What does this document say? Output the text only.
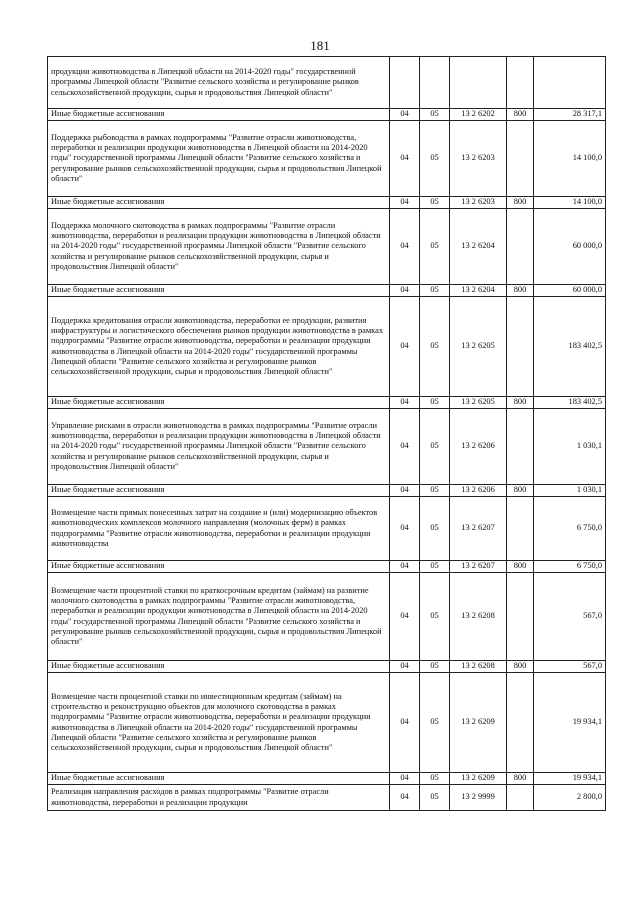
181
продукции животноводства в Липецкой области на 2014-2020 годы" государственной программы Липецкой области "Развитие сельского хозяйства и регулирование рынков сельскохозяйственной продукции, сырья и продовольствия Липецкой области"					
Иные бюджетные ассигнования	04	05	13 2 6202	800	28 317,1
Поддержка рыбоводства в рамках подпрограммы "Развитие отрасли животноводства, переработки и реализации продукции животноводства в Липецкой области на 2014-2020 годы" государственной программы Липецкой области "Развитие сельского хозяйства и регулирование рынков сельскохозяйственной продукции, сырья и продовольствия Липецкой области"	04	05	13 2 6203		14 100,0
Иные бюджетные ассигнования	04	05	13 2 6203	800	14 100,0
Поддержка молочного скотоводства в рамках подпрограммы "Развитие отрасли животноводства, переработки и реализации продукции животноводства в Липецкой области на 2014-2020 годы" государственной программы Липецкой области "Развитие сельского хозяйства и регулирование рынков сельскохозяйственной продукции, сырья и продовольствия Липецкой области"	04	05	13 2 6204		60 000,0
Иные бюджетные ассигнования	04	05	13 2 6204	800	60 000,0
Поддержка кредитования отрасли животноводства, переработки ее продукции, развития инфраструктуры и логистического обеспечения рынков продукции животноводства в рамках подпрограммы "Развитие отрасли животноводства, переработки и реализации продукции животноводства в Липецкой области на 2014-2020 годы" государственной программы Липецкой области "Развитие сельского хозяйства и регулирование рынков сельскохозяйственной продукции, сырья и продовольствия Липецкой области"	04	05	13 2 6205		183 402,5
Иные бюджетные ассигнования	04	05	13 2 6205	800	183 402,5
Управление рисками в отрасли животноводства в рамках подпрограммы "Развитие отрасли животноводства, переработки и реализации продукции животноводства в Липецкой области на 2014-2020 годы" государственной программы Липецкой области "Развитие сельского хозяйства и регулирование рынков сельскохозяйственной продукции, сырья и продовольствия Липецкой области"	04	05	13 2 6206		1 030,1
Иные бюджетные ассигнования	04	05	13 2 6206	800	1 030,1
Возмещение части прямых понесенных затрат на создание и (или) модернизацию объектов животноводческих комплексов молочного направления (молочных ферм) в рамках подпрограммы "Развитие отрасли животноводства, переработки и реализации продукции животноводства	04	05	13 2 6207		6 750,0
Иные бюджетные ассигнования	04	05	13 2 6207	800	6 750,0
Возмещение части процентной ставки по краткосрочным кредитам (займам) на развитие молочного скотоводства в рамках подпрограммы "Развитие отрасли животноводства, переработки и реализации продукции животноводства в Липецкой области на 2014-2020 годы" государственной программы Липецкой области "Развитие сельского хозяйства и регулирование рынков сельскохозяйственной продукции, сырья и продовольствия Липецкой области"	04	05	13 2 6208		567,0
Иные бюджетные ассигнования	04	05	13 2 6208	800	567,0
Возмещение части процентной ставки по инвестиционным кредитам (займам) на строительство и реконструкцию объектов для молочного скотоводства в рамках подпрограммы "Развитие отрасли животноводства, переработки и реализации продукции животноводства в Липецкой области на 2014-2020 годы" государственной программы Липецкой области "Развитие сельского хозяйства и регулирование рынков сельскохозяйственной продукции, сырья и продовольствия Липецкой области"	04	05	13 2 6209		19 934,1
Иные бюджетные ассигнования	04	05	13 2 6209	800	19 934,1
Реализация направления расходов в рамках подпрограммы "Развитие отрасли животноводства, переработки и реализации продукции	04	05	13 2 9999		2 800,0
